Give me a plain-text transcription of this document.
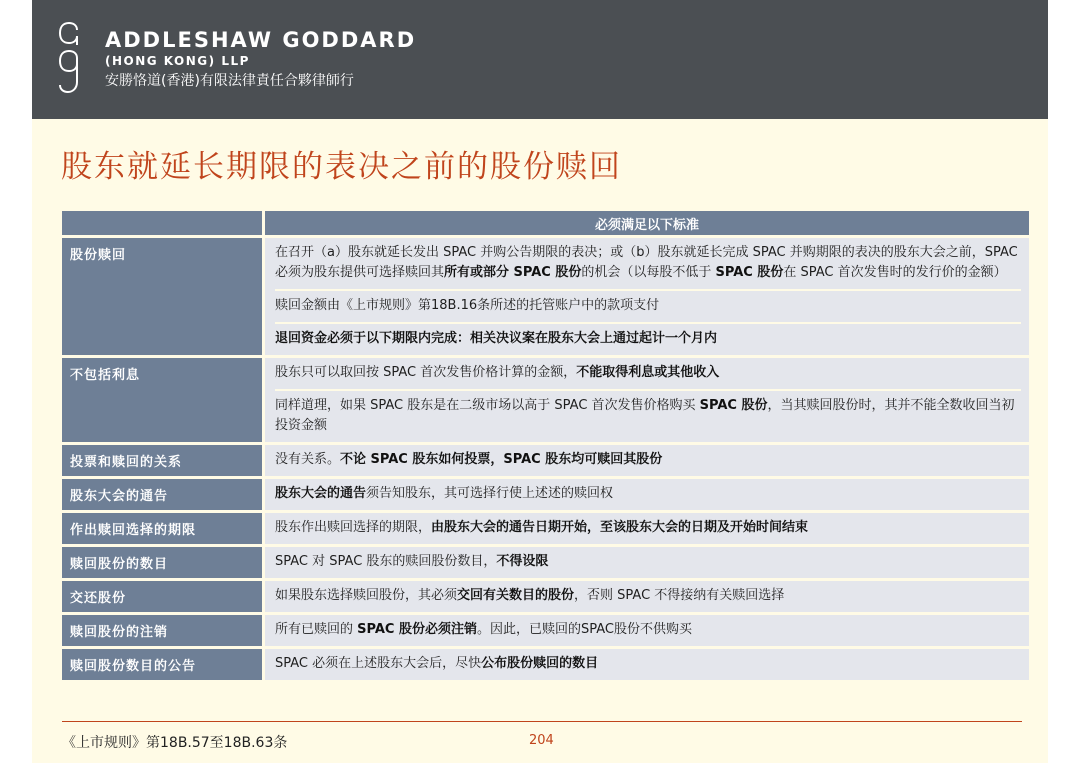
ADDLESHAW GODDARD
(HONG KONG) LLP
安勝恪道(香港)有限法律責任合夥律師行
股东就延长期限的表决之前的股份赎回
	必须满足以下标准
股份赎回	在召开（a）股东就延长发出 SPAC 并购公告期限的表决；或（b）股东就延长完成 SPAC 并购期限的表决的股东大会之前，SPAC 必须为股东提供可选择赎回其所有或部分 SPAC 股份的机会（以每股不低于 SPAC 股份在 SPAC 首次发售时的发行价的金额）
赎回金额由《上市规则》第18B.16条所述的托管账户中的款项支付
退回资金必须于以下期限内完成：相关决议案在股东大会上通过起计一个月内

不包括利息	股东只可以取回按 SPAC 首次发售价格计算的金额，不能取得利息或其他收入
同样道理，如果 SPAC 股东是在二级市场以高于 SPAC 首次发售价格购买 SPAC 股份，当其赎回股份时，其并不能全数收回当初投资金额

投票和赎回的关系	没有关系。不论 SPAC 股东如何投票，SPAC 股东均可赎回其股份

股东大会的通告	股东大会的通告须告知股东，其可选择行使上述述的赎回权

作出赎回选择的期限	股东作出赎回选择的期限，由股东大会的通告日期开始，至该股东大会的日期及开始时间结束

赎回股份的数目	SPAC 对 SPAC 股东的赎回股份数目，不得设限

交还股份	如果股东选择赎回股份，其必须交回有关数目的股份，否则 SPAC 不得接纳有关赎回选择

赎回股份的注销	所有已赎回的 SPAC 股份必须注销。因此，已赎回的SPAC股份不供购买

赎回股份数目的公告	SPAC 必须在上述股东大会后，尽快公布股份赎回的数目
《上市规则》第18B.57至18B.63条	204
